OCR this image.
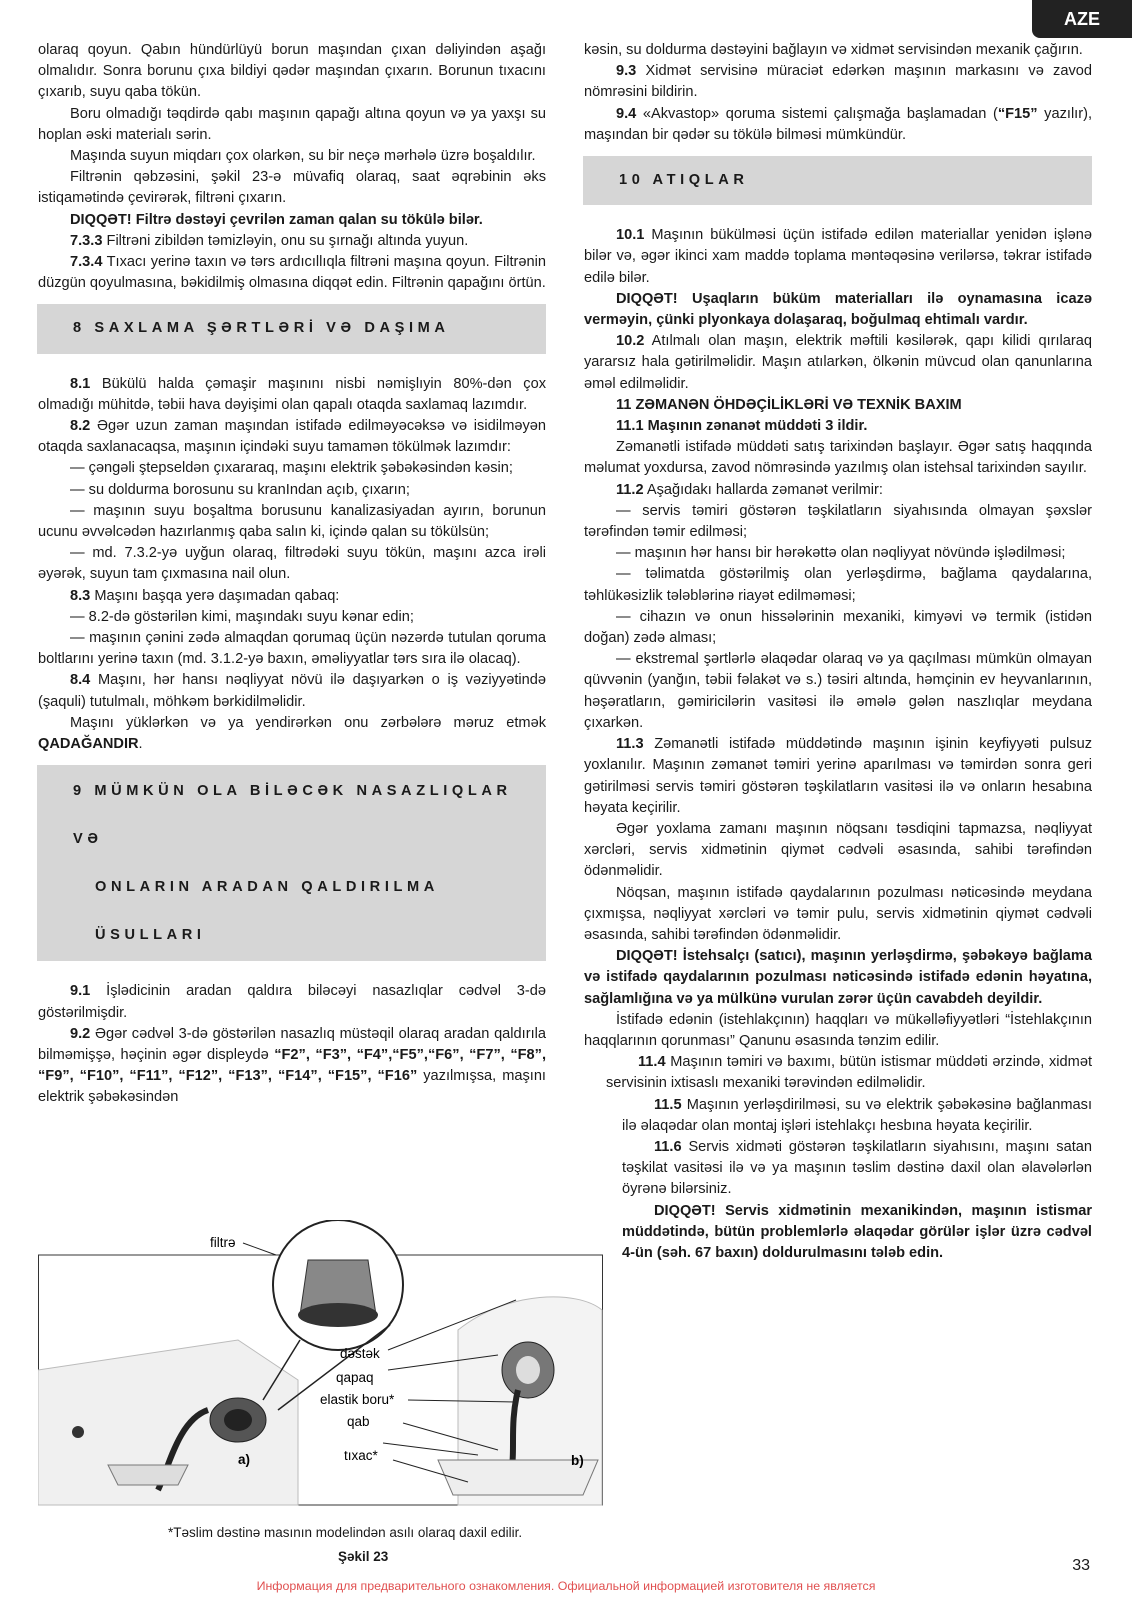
AZE

olaraq qoyun. Qabın hündürlüyü borun maşından çıxan dəliyindən aşağı olmalıdır. Sonra borunu çıxa bildiyi qədər maşından çıxarın. Borunun tıxacını çıxarıb, suyu qaba tökün.

Boru olmadığı təqdirdə qabı maşının qapağı altına qoyun və ya yaxşı su hoplan əski materialı sərin.

Maşında suyun miqdarı çox olarkən, su bir neçə mərhələ üzrə boşaldılır.

Filtrənin qəbzəsini, şəkil 23-ə müvafiq olaraq, saat əqrəbinin əks istiqamətində çevirərək, filtrəni çıxarın.

DIQQƏT! Filtrə dəstəyi çevrilən zaman qalan su tökülə bilər.

7.3.3 Filtrəni zibildən təmizləyin, onu su şırnağı altında yuyun.

7.3.4 Tıxacı yerinə taxın və tərs ardıcıllıqla filtrəni maşına qoyun. Filtrənin düzgün qoyulmasına, bəkidilmiş olmasına diqqət edin. Filtrənin qapağını örtün.

8 SAXLAMA ŞƏRTLƏRİ VƏ DAŞIMA

8.1 Bükülü halda çəmaşir maşınını nisbi nəmişlıyin 80%-dən çox olmadığı mühitdə, təbii hava dəyişimi olan qapalı otaqda saxlamaq lazımdır.

8.2 Əgər uzun zaman maşından istifadə edilməyəcəksə və isidilməyən otaqda saxlanacaqsa, maşının içindəki suyu tamamən tökülmək lazımdır:

— çəngəli ştepseldən çıxararaq, maşını elektrik şəbəkəsindən kəsin;

— su doldurma borosunu su kranIndan açıb, çıxarın;

— maşının suyu boşaltma borusunu kanalizasiyadan ayırın, borunun ucunu əvvəlcədən hazırlanmış qaba salın ki, içində qalan su tökülsün;

— md. 7.3.2-yə uyğun olaraq, filtrədəki suyu tökün, maşını azca irəli əyərək, suyun tam çıxmasına nail olun.

8.3 Maşını başqa yerə daşımadan qabaq:

— 8.2-də göstərilən kimi, maşındakı suyu kənar edin;

— maşının çənini zədə almaqdan qorumaq üçün nəzərdə tutulan qoruma boltlarını yerinə taxın (md. 3.1.2-yə baxın, əməliyyatlar tərs sıra ilə olacaq).

8.4 Maşını, hər hansı nəqliyyat növü ilə daşıyarkən o iş vəziyyətində (şaquli) tutulmalı, möhkəm bərkidilməlidir.

Maşını yüklərkən və ya yendirərkən onu zərbələrə məruz etmək QADAĞANDIR.

9 MÜMKÜN OLA BİLƏCƏK NASAZLIQLAR VƏ
ONLARIN ARADAN QALDIRILMA ÜSULLARI

9.1 İşlədicinin aradan qaldıra biləcəyi nasazlıqlar cədvəl 3-də göstərilmişdir.

9.2 Əgər cədvəl 3-də göstərilən nasazlıq müstəqil olaraq aradan qaldırıla bilməmişşə, həçinin əgər displeydə “F2”, “F3”, “F4”,“F5”,“F6”, “F7”, “F8”, “F9”, “F10”, “F11”, “F12”, “F13”, “F14”, “F15”, “F16” yazılmışsa, maşını elektrik şəbəkəsindən

kəsin, su doldurma dəstəyini bağlayın və xidmət servisindən mexanik çağırın.

9.3 Xidmət servisinə müraciət edərkən maşının markasını və zavod nömrəsini bildirin.

9.4 «Akvastop» qoruma sistemi çalışmağa başlamadan (“F15” yazılır), maşından bir qədər su tökülə bilməsi mümkündür.

10 ATIQLAR

10.1 Maşının bükülməsi üçün istifadə edilən materiallar yenidən işlənə bilər və, əgər ikinci xam maddə toplama məntəqəsinə verilərsə, təkrar istifadə edilə bilər.

DIQQƏT! Uşaqların büküm materialları ilə oynamasına icazə verməyin, çünki plyonkaya dolaşaraq, boğulmaq ehtimalı vardır.

10.2 Atılmalı olan maşın, elektrik məftili kəsilərək, qapı kilidi qırılaraq yararsız hala gətirilməlidir. Maşın atılarkən, ölkənin müvcud olan qanunlarına əməl edilməlidir.

11 ZƏMANƏN ÖHDƏÇİLİKLƏRİ VƏ TEXNİK BAXIM

11.1 Maşının zənanət müddəti 3 ildir.

Zəmanətli istifadə müddəti satış tarixindən başlayır. Əgər satış haqqında məlumat yoxdursa, zavod nömrəsində yazılmış olan istehsal tarixindən sayılır.

11.2 Aşağıdakı hallarda zəmanət verilmir:

— servis təmiri göstərən təşkilatların siyahısında olmayan şəxslər tərəfindən təmir edilməsi;

— maşının hər hansı bir hərəkəttə olan nəqliyyat növündə işlədilməsi;

— təlimatda göstərilmiş olan yerləşdirmə, bağlama qaydalarına, təhlükəsizlik tələblərinə riayət edilməməsi;

— cihazın və onun hissələrinin mexaniki, kimyəvi və termik (istidən doğan) zədə alması;

— ekstremal şərtlərlə əlaqədar olaraq və ya qaçılması mümkün olmayan qüvvənin (yanğın, təbii fəlakət və s.) təsiri altında, həmçinin ev heyvanlarının, həşəratların, gəmiricilərin vasitəsi ilə əmələ gələn naszlıqlar meydana çıxarkən.

11.3 Zəmanətli istifadə müddətində maşının işinin keyfiyyəti pulsuz yoxlanılır. Maşının zəmanət təmiri yerinə aparılması və təmirdən sonra geri gətirilməsi servis təmiri göstərən təşkilatların vasitəsi ilə və onların hesabına həyata keçirilir.

Əgər yoxlama zamanı maşının nöqsanı təsdiqini tapmazsa, nəqliyyat xərcləri, servis xidmətinin qiymət cədvəli əsasında, sahibi tərəfindən ödənməlidir.

Nöqsan, maşının istifadə qaydalarının pozulması nəticəsində meydana çıxmışsa, nəqliyyat xərcləri və təmir pulu, servis xidmətinin qiymət cədvəli əsasında, sahibi tərəfindən ödənməlidir.

DIQQƏT! İstehsalçı (satıcı), maşının yerləşdirmə, şəbəkəyə bağlama və istifadə qaydalarının pozulması nəticəsində istifadə edənin həyatına, sağlamlığına və ya mülkünə vurulan zərər üçün cavabdeh deyildir.

İstifadə edənin (istehlakçının) haqqları və mükəlləfiyyətləri “İstehlakçının haqqlarının qorunması” Qanunu əsasında tənzim edilir.

11.4 Maşının təmiri və baxımı, bütün istismar müddəti ərzində, xidmət servisinin ixtisaslı mexaniki tərəvindən edilməlidir.

11.5 Maşının yerləşdirilməsi, su və elektrik şəbəkəsinə bağlanması ilə əlaqədar olan montaj işləri istehlakçı hesbına həyata keçirilir.

11.6 Servis xidməti göstərən təşkilatların siyahısını, maşını satan təşkilat vasitəsi ilə və ya maşının təslim dəstinə daxil olan əlavələrlən öyrənə bilərsiniz.

DIQQƏT! Servis xidmətinin mexanikindən, maşının istismar müddətində, bütün problemlərlə əlaqədar görülər işlər üzrə cədvəl 4-ün (səh. 67 baxın) doldurulmasını tələb edin.

filtrə
dəstək
qapaq
elastik boru*
qab
tıxac*
a)	b)
*Təslim dəstinə masının modelindən asılı olaraq daxil edilir.
Şəkil 23
33
Информация для предварительного ознакомления. Официальной информацией изготовителя не является
